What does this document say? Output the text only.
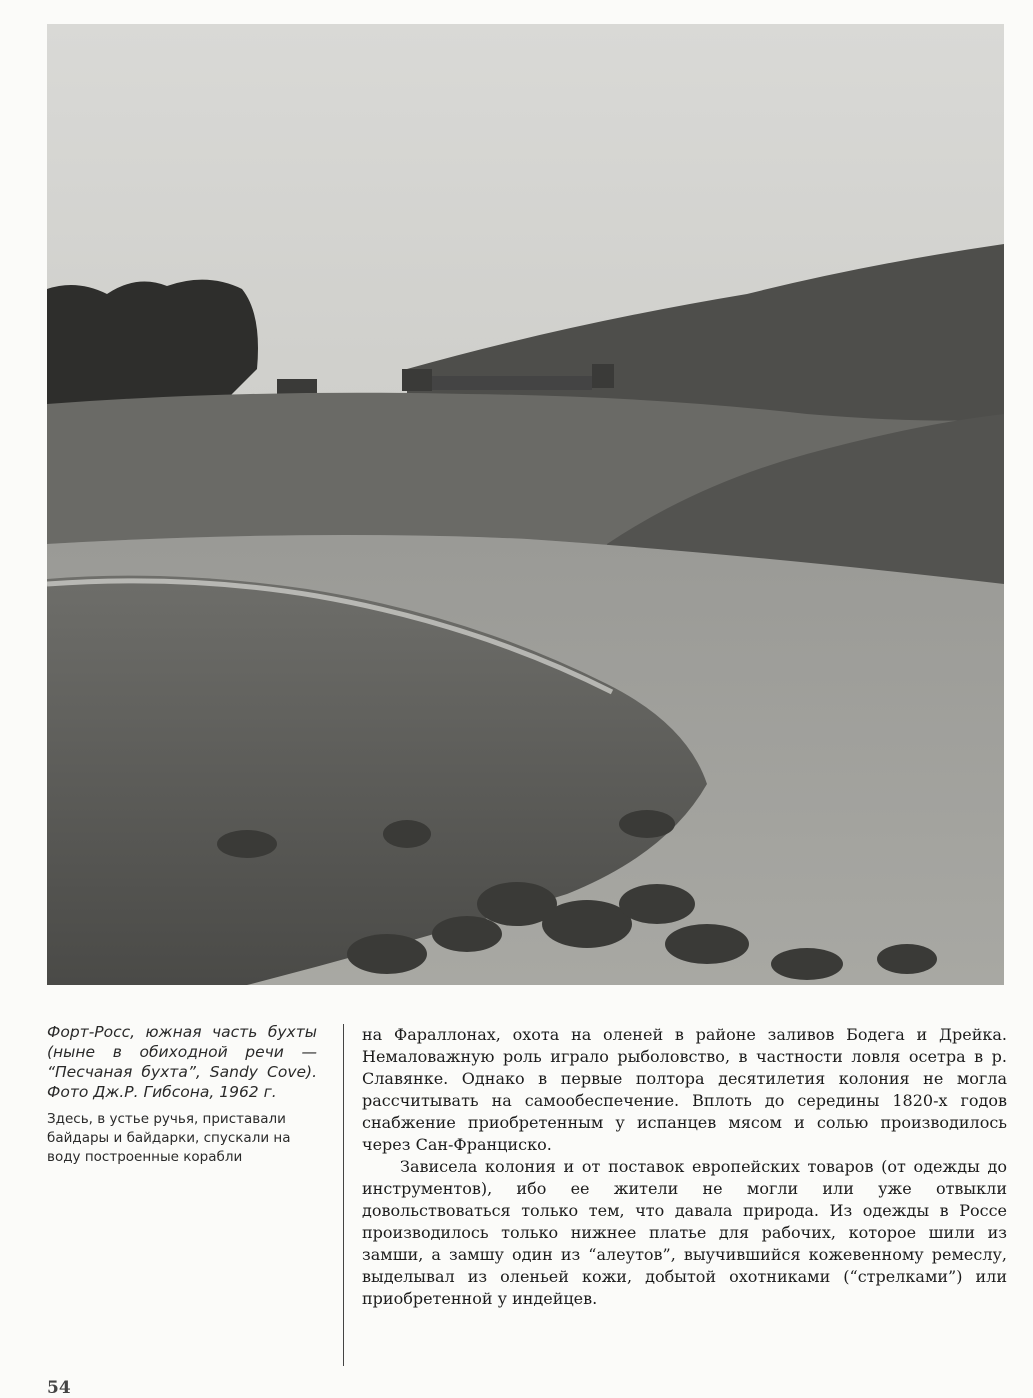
Форт-Росс, южная часть бухты (ныне в обиходной речи — “Песчаная бухта”, Sandy Cove). Фото Дж.Р. Гибсона, 1962 г.

Здесь, в устье ручья, приставали байдары и байдарки, спускали на воду построенные корабли

на Фараллонах, охота на оленей в районе заливов Бодега и Дрейка. Немаловажную роль играло рыболовство, в частности ловля осетра в р. Славянке. Однако в первые полтора десятилетия колония не могла рассчитывать на самообеспечение. Вплоть до середины 1820-х годов снабжение приобретенным у испанцев мясом и солью производилось через Сан-Франциско.

Зависела колония и от поставок европейских товаров (от одежды до инструментов), ибо ее жители не могли или уже отвыкли довольствоваться только тем, что давала природа. Из одежды в Россе производилось только нижнее платье для рабочих, которое шили из замши, а замшу один из “алеутов”, выучившийся кожевенному ремеслу, выделывал из оленьей кожи, добытой охотниками (“стрелками”) или приобретенной у индейцев.

54
